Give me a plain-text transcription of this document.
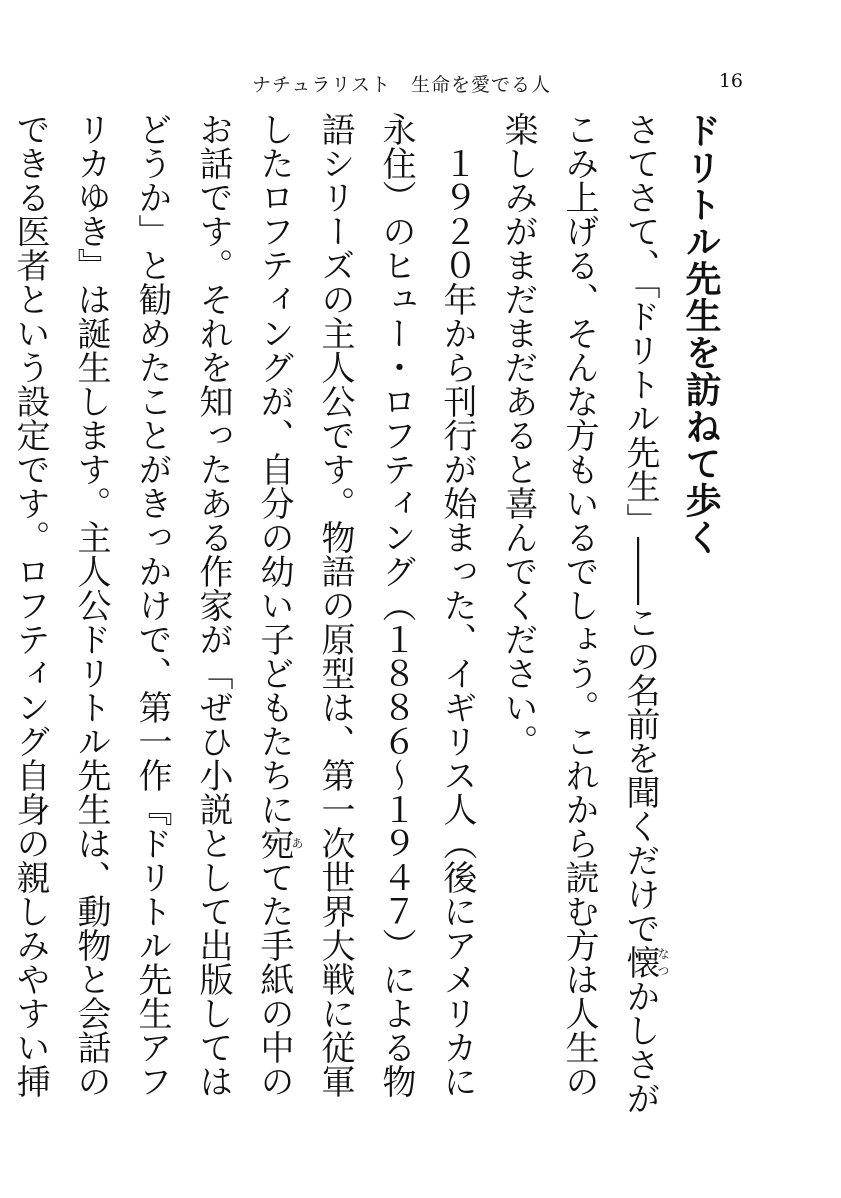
ナチュラリスト　生命を愛でる人	16
ドリトル先生を訪ねて歩く

さてさて、「ドリトル先生」――この名前を聞くだけで懐なつかしさがこみ上げる、そんな方もいるでしょう。これから読む方は人生の楽しみがまだまだあると喜んでください。

１９２０年から刊行が始まった、イギリス人（後にアメリカに永住）のヒュー・ロフティング（１８８６〜１９４７）による物語シリーズの主人公です。物語の原型は、第一次世界大戦に従軍したロフティングが、自分の幼い子どもたちに宛あてた手紙の中のお話です。それを知ったある作家が「ぜひ小説として出版してはどうか」と勧めたことがきっかけで、第一作『ドリトル先生アフリカゆき』は誕生します。主人公ドリトル先生は、動物と会話のできる医者という設定です。ロフティング自身の親しみやすい挿
